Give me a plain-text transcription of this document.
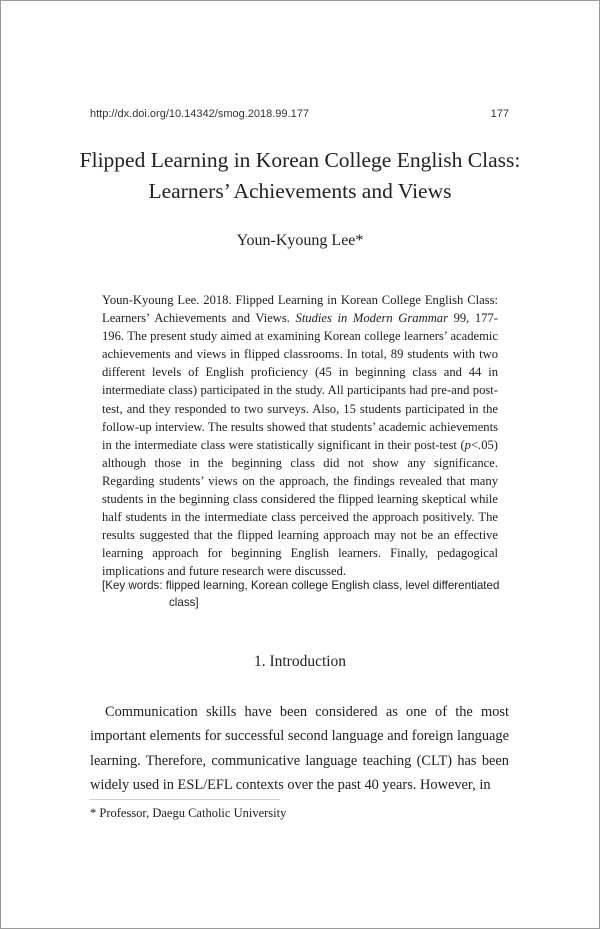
http://dx.doi.org/10.14342/smog.2018.99.177	177
Flipped Learning in Korean College English Class:
Learners’ Achievements and Views
Youn-Kyoung Lee*

Youn-Kyoung Lee. 2018. Flipped Learning in Korean College English Class: Learners’ Achievements and Views. Studies in Modern Grammar 99, 177-196. The present study aimed at examining Korean college learners’ academic achievements and views in flipped classrooms. In total, 89 students with two different levels of English proficiency (45 in beginning class and 44 in intermediate class) participated in the study. All participants had pre-and post-test, and they responded to two surveys. Also, 15 students participated in the follow-up interview. The results showed that students’ academic achievements in the intermediate class were statistically significant in their post-test (p<.05) although those in the beginning class did not show any significance. Regarding students’ views on the approach, the findings revealed that many students in the beginning class considered the flipped learning skeptical while half students in the intermediate class perceived the approach positively. The results suggested that the flipped learning approach may not be an effective learning approach for beginning English learners. Finally, pedagogical implications and future research were discussed.

[Key words: flipped learning, Korean college English class, level differentiated
class]
1. Introduction

Communication skills have been considered as one of the most important elements for successful second language and foreign language learning. Therefore, communicative language teaching (CLT) has been widely used in ESL/EFL contexts over the past 40 years. However, in

* Professor, Daegu Catholic University
